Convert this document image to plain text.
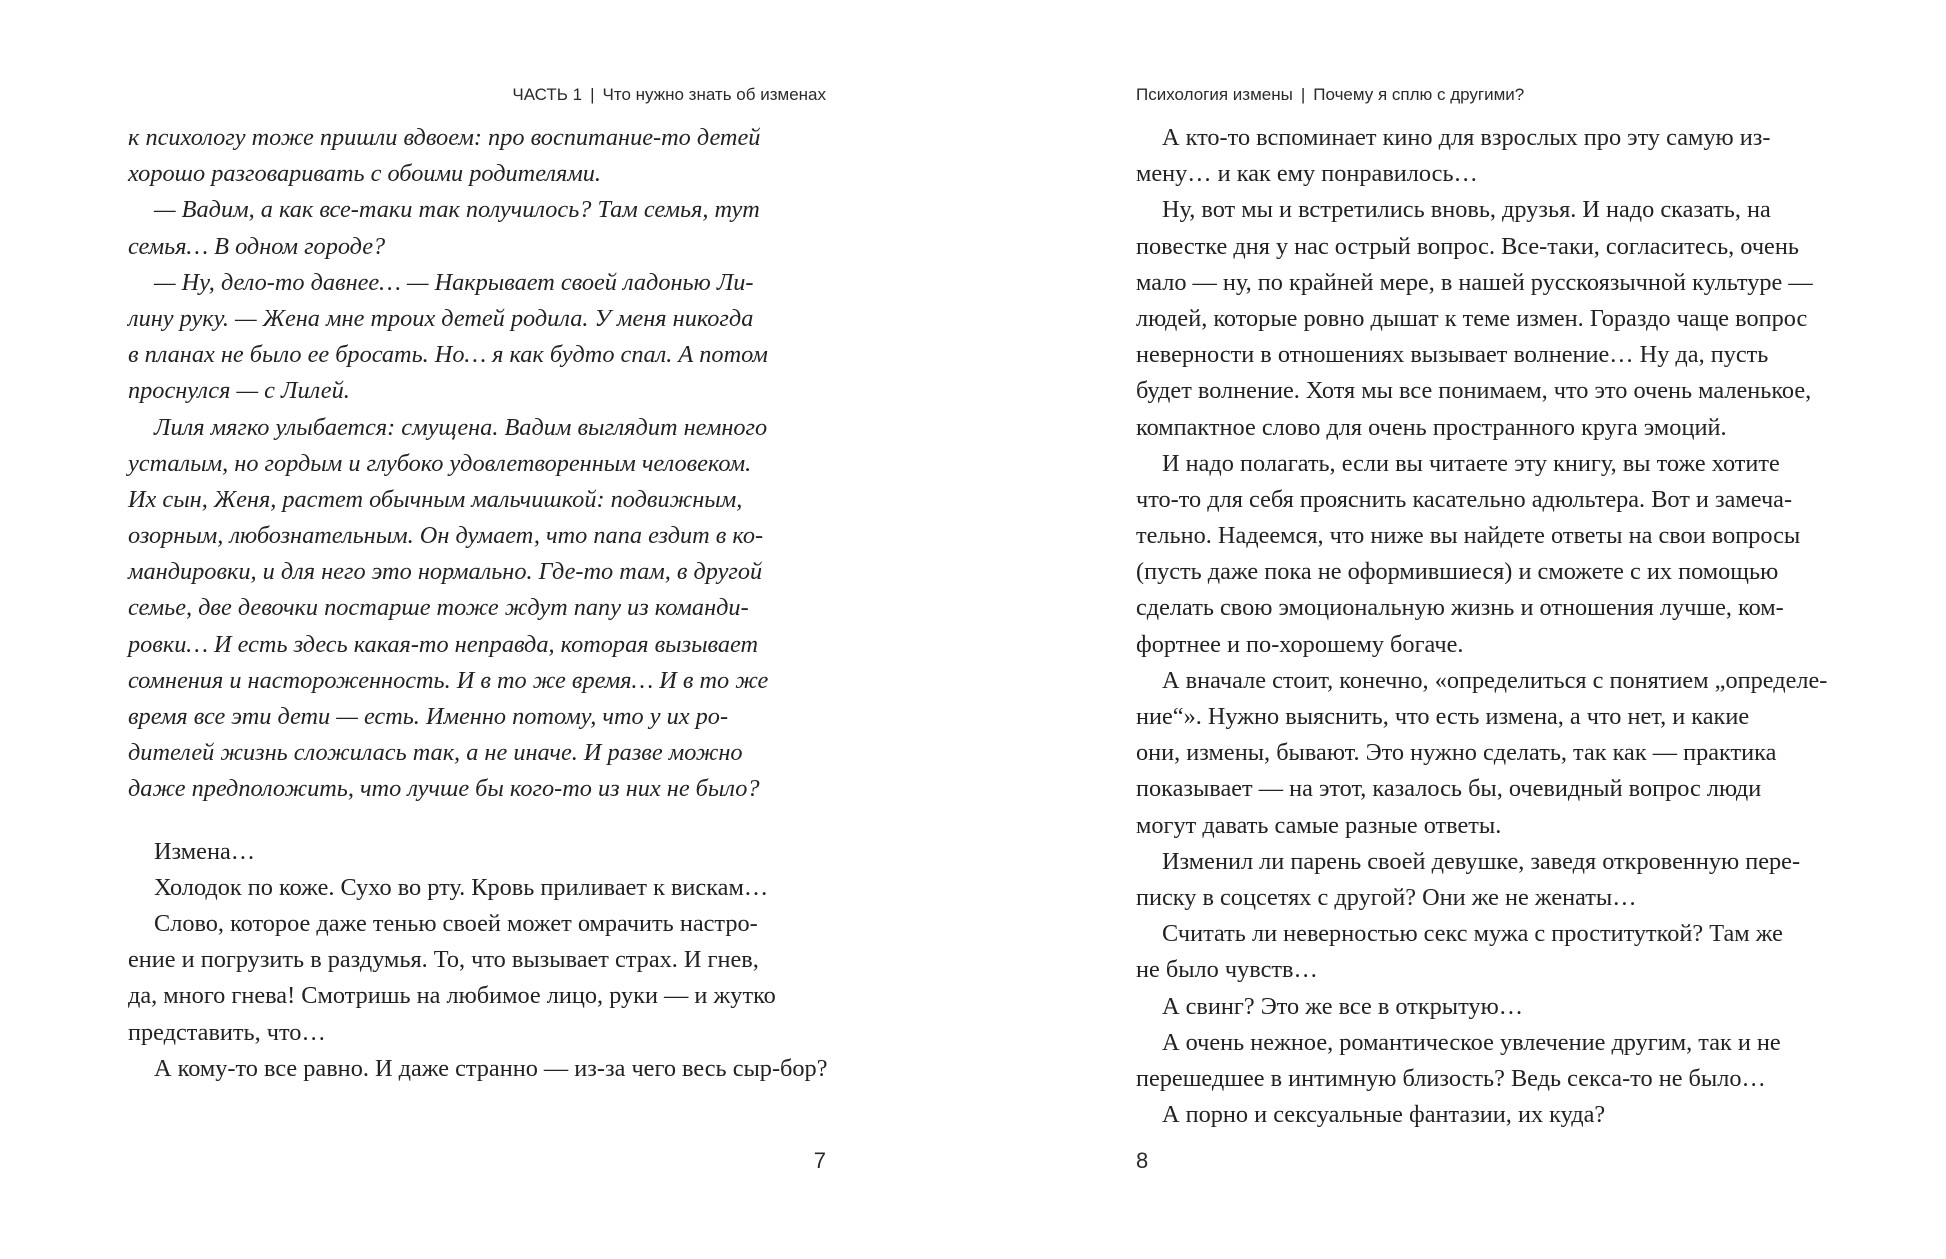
ЧАСТЬ 1 | Что нужно знать об изменах
к психологу тоже пришли вдвоем: про воспитание-то детей
хорошо разговаривать с обоими родителями.
— Вадим, а как все-таки так получилось? Там семья, тут
семья… В одном городе?
— Ну, дело-то давнее… — Накрывает своей ладонью Ли-
лину руку. — Жена мне троих детей родила. У меня никогда
в планах не было ее бросать. Но… я как будто спал. А потом
проснулся — с Лилей.
Лиля мягко улыбается: смущена. Вадим выглядит немного
усталым, но гордым и глубоко удовлетворенным человеком.
Их сын, Женя, растет обычным мальчишкой: подвижным,
озорным, любознательным. Он думает, что папа ездит в ко-
мандировки, и для него это нормально. Где-то там, в другой
семье, две девочки постарше тоже ждут папу из команди-
ровки… И есть здесь какая-то неправда, которая вызывает
сомнения и настороженность. И в то же время… И в то же
время все эти дети — есть. Именно потому, что у их ро-
дителей жизнь сложилась так, а не иначе. И разве можно
даже предположить, что лучше бы кого-то из них не было?
Измена…
Холодок по коже. Сухо во рту. Кровь приливает к вискам…
Слово, которое даже тенью своей может омрачить настро-
ение и погрузить в раздумья. То, что вызывает страх. И гнев,
да, много гнева! Смотришь на любимое лицо, руки — и жутко
представить, что…
А кому-то все равно. И даже странно — из-за чего весь сыр-бор?
7
Психология измены | Почему я сплю с другими?
А кто-то вспоминает кино для взрослых про эту самую из-
мену… и как ему понравилось…
Ну, вот мы и встретились вновь, друзья. И надо сказать, на
повестке дня у нас острый вопрос. Все-таки, согласитесь, очень
мало — ну, по крайней мере, в нашей русскоязычной культуре —
людей, которые ровно дышат к теме измен. Гораздо чаще вопрос
неверности в отношениях вызывает волнение… Ну да, пусть
будет волнение. Хотя мы все понимаем, что это очень маленькое,
компактное слово для очень пространного круга эмоций.
И надо полагать, если вы читаете эту книгу, вы тоже хотите
что-то для себя прояснить касательно адюльтера. Вот и замеча-
тельно. Надеемся, что ниже вы найдете ответы на свои вопросы
(пусть даже пока не оформившиеся) и сможете с их помощью
сделать свою эмоциональную жизнь и отношения лучше, ком-
фортнее и по-хорошему богаче.
А вначале стоит, конечно, «определиться с понятием „определе-
ние“». Нужно выяснить, что есть измена, а что нет, и какие
они, измены, бывают. Это нужно сделать, так как — практика
показывает — на этот, казалось бы, очевидный вопрос люди
могут давать самые разные ответы.
Изменил ли парень своей девушке, заведя откровенную пере-
писку в соцсетях с другой? Они же не женаты…
Считать ли неверностью секс мужа с проституткой? Там же
не было чувств…
А свинг? Это же все в открытую…
А очень нежное, романтическое увлечение другим, так и не
перешедшее в интимную близость? Ведь секса-то не было…
А порно и сексуальные фантазии, их куда?
8
